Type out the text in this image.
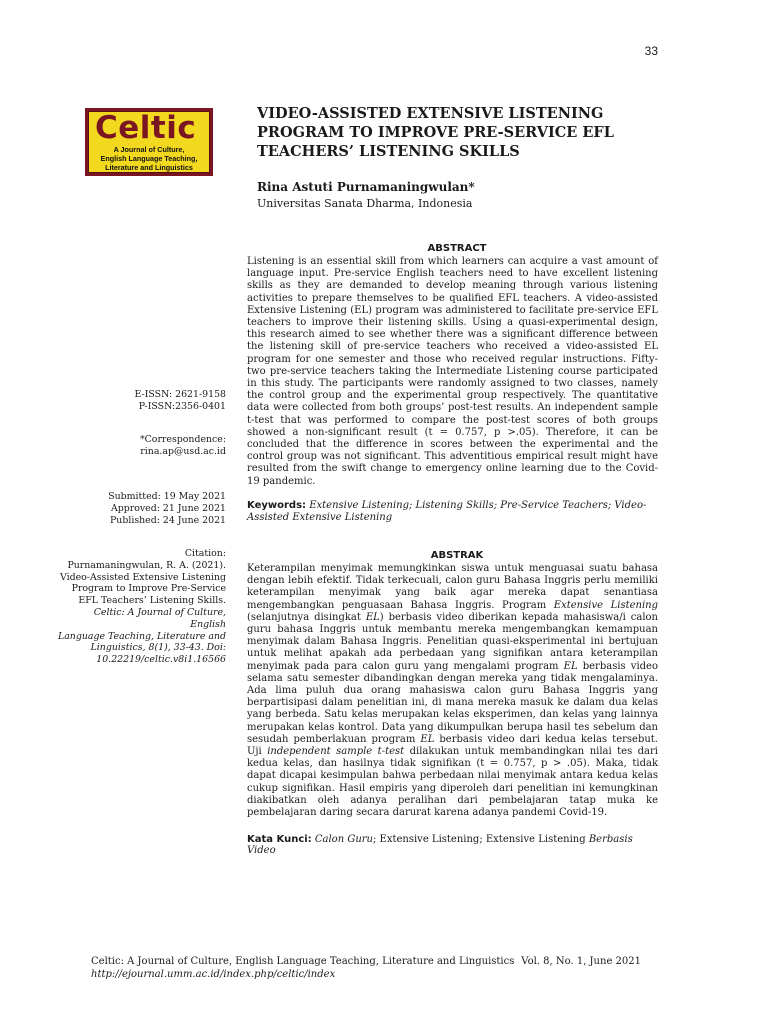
33
Celtic
A Journal of Culture,
English Language Teaching,
Literature and Linguistics
VIDEO-ASSISTED EXTENSIVE LISTENING PROGRAM TO IMPROVE PRE-SERVICE EFL TEACHERS’ LISTENING SKILLS
Rina Astuti Purnamaningwulan*
Universitas Sanata Dharma, Indonesia
E-ISSN: 2621-9158
P-ISSN:2356-0401
*Correspondence:
rina.ap@usd.ac.id
Submitted: 19 May 2021
Approved: 21 June 2021
Published: 24 June 2021
Citation:
Purnamaningwulan, R. A. (2021).
Video-Assisted Extensive Listening
Program to Improve Pre-Service
EFL Teachers’ Listening Skills.
Celtic: A Journal of Culture, English
Language Teaching, Literature and
Linguistics, 8(1), 33-43. Doi:
10.22219/celtic.v8i1.16566
ABSTRACT
Listening is an essential skill from which learners can acquire a vast amount of language input. Pre-service English teachers need to have excellent listening skills as they are demanded to develop meaning through various listening activities to prepare themselves to be qualified EFL teachers. A video-assisted Extensive Listening (EL) program was administered to facilitate pre-service EFL teachers to improve their listening skills. Using a quasi-experimental design, this research aimed to see whether there was a significant difference between the listening skill of pre-service teachers who received a video-assisted EL program for one semester and those who received regular instructions. Fifty-two pre-service teachers taking the Intermediate Listening course participated in this study. The participants were randomly assigned to two classes, namely the control group and the experimental group respectively. The quantitative data were collected from both groups’ post-test results. An independent sample t-test that was performed to compare the post-test scores of both groups showed a non-significant result (t = 0.757, p >.05). Therefore, it can be concluded that the difference in scores between the experimental and the control group was not significant. This adventitious empirical result might have resulted from the swift change to emergency online learning due to the Covid-19 pandemic.
Keywords: Extensive Listening; Listening Skills; Pre-Service Teachers; Video-Assisted Extensive Listening
ABSTRAK
Keterampilan menyimak memungkinkan siswa untuk menguasai suatu bahasa dengan lebih efektif. Tidak terkecuali, calon guru Bahasa Inggris perlu memiliki keterampilan menyimak yang baik agar mereka dapat senantiasa mengembangkan penguasaan Bahasa Inggris. Program Extensive Listening (selanjutnya disingkat EL) berbasis video diberikan kepada mahasiswa/i calon guru bahasa Inggris untuk membantu mereka mengembangkan kemampuan menyimak dalam Bahasa Inggris. Penelitian quasi-eksperimental ini bertujuan untuk melihat apakah ada perbedaan yang signifikan antara keterampilan menyimak pada para calon guru yang mengalami program EL berbasis video selama satu semester dibandingkan dengan mereka yang tidak mengalaminya. Ada lima puluh dua orang mahasiswa calon guru Bahasa Inggris yang berpartisipasi dalam penelitian ini, di mana mereka masuk ke dalam dua kelas yang berbeda. Satu kelas merupakan kelas eksperimen, dan kelas yang lainnya merupakan kelas kontrol. Data yang dikumpulkan berupa hasil tes sebelum dan sesudah pemberlakuan program EL berbasis video dari kedua kelas tersebut. Uji independent sample t-test dilakukan untuk membandingkan nilai tes dari kedua kelas, dan hasilnya tidak signifikan (t = 0.757, p > .05). Maka, tidak dapat dicapai kesimpulan bahwa perbedaan nilai menyimak antara kedua kelas cukup signifikan. Hasil empiris yang diperoleh dari penelitian ini kemungkinan diakibatkan oleh adanya peralihan dari pembelajaran tatap muka ke pembelajaran daring secara darurat karena adanya pandemi Covid-19.
Kata Kunci: Calon Guru; Extensive Listening; Extensive Listening Berbasis Video
Celtic: A Journal of Culture, English Language Teaching, Literature and Linguistics Vol. 8, No. 1, June 2021
http://ejournal.umm.ac.id/index.php/celtic/index
